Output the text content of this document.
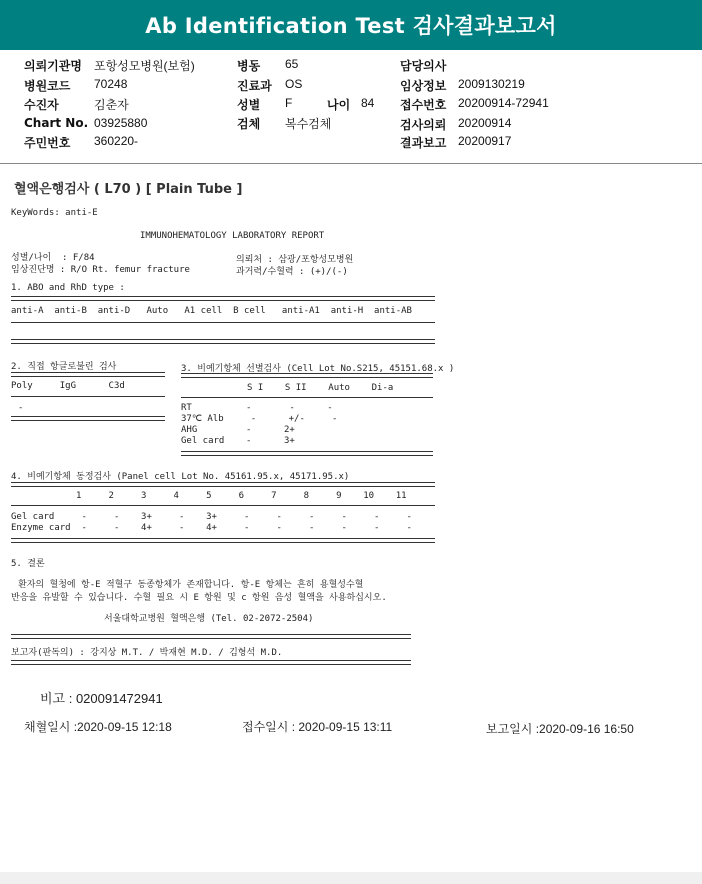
Ab Identification Test 검사결과보고서
의뢰기관명 포항성모병원(보험)
병원코드 70248
수진자	김춘자
Chart No. 03925880
주민번호 360220-
병동 65
진료과 OS
성별 F	나이 84
검체 복수검체
담당의사
임상정보 2009130219
접수번호 20200914-72941
검사의뢰 20200914
결과보고 20200917
혈액은행검사 ( L70 ) [ Plain Tube ]
KeyWords: anti-E
IMMUNOHEMATOLOGY LABORATORY REPORT
성별/나이  : F/84
임상진단명 : R/O Rt. femur fracture
의뢰처 : 삼광/포항성모병원
과거력/수혈력 : (+)/(-)
1. ABO and RhD type :
anti-A  anti-B  anti-D   Auto   A1 cell  B cell   anti-A1  anti-H  anti-AB
2. 직접 항글로불린 검사
Poly     IgG      C3d
-
3. 비예기항체 선별검사 (Cell Lot No.S215, 45151.68.x )
S I    S II    Auto    Di-a
RT          -       -      -
37℃ Alb     -      +/-     -
AHG         -      2+
Gel card    -      3+
4. 비예기항체 동정검사 (Panel cell Lot No. 45161.95.x, 45171.95.x)
1     2     3     4     5     6     7     8     9    10    11
Gel card     -     -    3+     -    3+     -     -     -     -     -     -
Enzyme card  -     -    4+     -    4+     -     -     -     -     -     -
5. 결론
환자의 혈청에 항-E 적혈구 동종항체가 존재합니다. 항-E 항체는 흔히 용혈성수혈
반응을 유발할 수 있습니다. 수혈 필요 시 E 항원 및 c 항원 음성 혈액을 사용하십시오.
서울대학교병원 혈액은행 (Tel. 02-2072-2504)
보고자(판독의) : 강지상 M.T. / 박재현 M.D. / 김형석 M.D.
비고 : 020091472941
채혈일시 :2020-09-15 12:18	접수일시 : 2020-09-15 13:11	보고일시 :2020-09-16 16:50
